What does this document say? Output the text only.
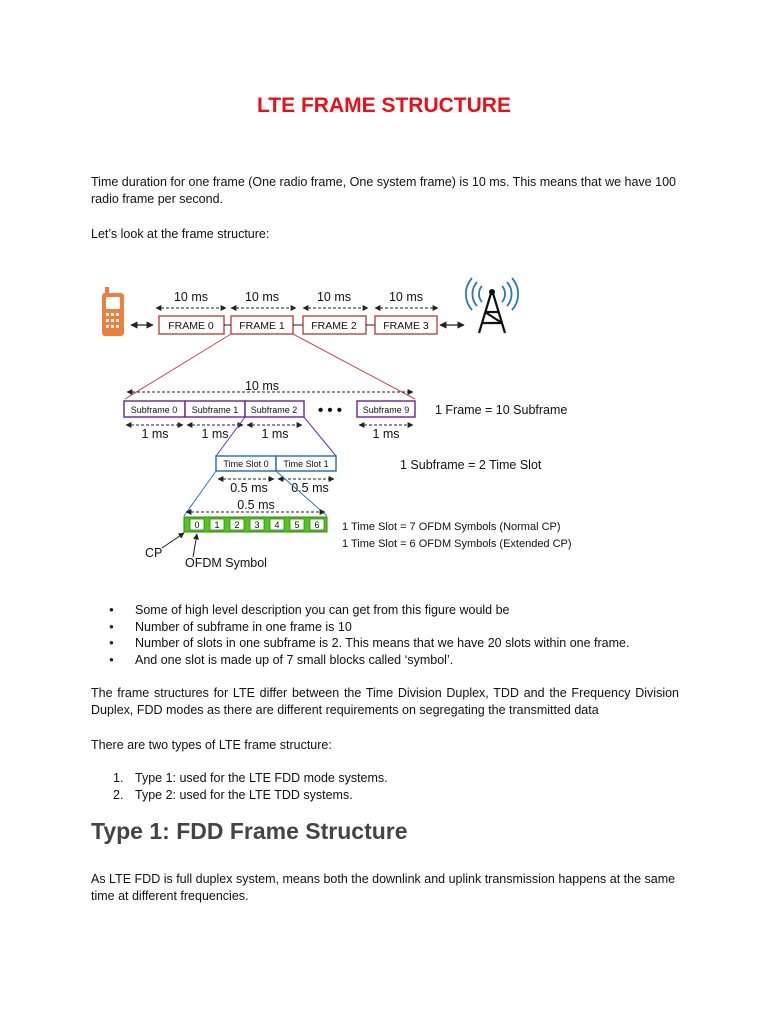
LTE FRAME STRUCTURE

Time duration for one frame (One radio frame, One system frame) is 10 ms. This means that we have 100 radio frame per second.

Let’s look at the frame structure:

10 ms	10 ms	10 ms	10 ms
FRAME 0 FRAME 1	FRAME 2	FRAME 3
10 ms
Subframe 0 Subframe 1 Subframe 2	Subframe 9
• • •	1 Frame = 10 Subframe
1 ms	1 ms	1 ms	1 ms
Time Slot 0 Time Slot 1	1 Subframe = 2 Time Slot
0.5 ms 0.5 ms
0.5 ms
0 1 2 3 4 5 6 1 Time Slot = 7 OFDM Symbols (Normal CP)
1 Time Slot = 6 OFDM Symbols (Extended CP)
CP
OFDM Symbol
● Some of high level description you can get from this figure would be
● Number of subframe in one frame is 10
● Number of slots in one subframe is 2. This means that we have 20 slots within one frame.
● And one slot is made up of 7 small blocks called ‘symbol’.

The frame structures for LTE differ between the Time Division Duplex, TDD and the Frequency Division Duplex, FDD modes as there are different requirements on segregating the transmitted data

There are two types of LTE frame structure:

1. Type 1: used for the LTE FDD mode systems.
2. Type 2: used for the LTE TDD systems.
Type 1: FDD Frame Structure

As LTE FDD is full duplex system, means both the downlink and uplink transmission happens at the same time at different frequencies.
